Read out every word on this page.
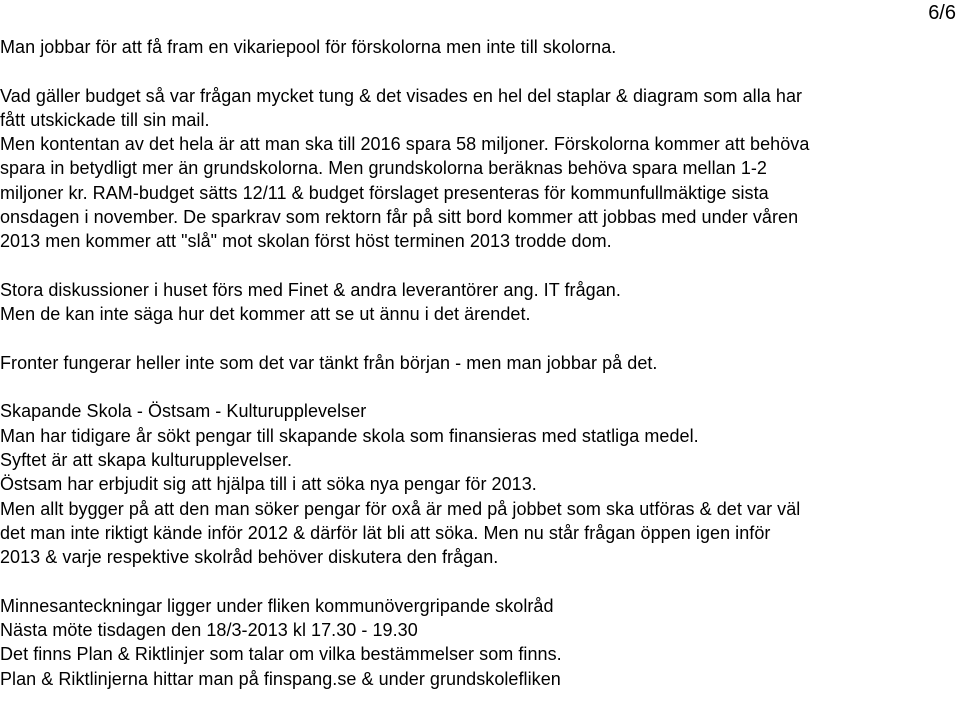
6/6
Man jobbar för att få fram en vikariepool för förskolorna men inte till skolorna.
Vad gäller budget så var frågan mycket tung & det visades en hel del staplar & diagram som alla har
fått utskickade till sin mail.
Men kontentan av det hela är att man ska till 2016 spara 58 miljoner. Förskolorna kommer att behöva
spara in betydligt mer än grundskolorna. Men grundskolorna beräknas behöva spara mellan 1-2
miljoner kr. RAM-budget sätts 12/11 & budget förslaget presenteras för kommunfullmäktige sista
onsdagen i november. De sparkrav som rektorn får på sitt bord kommer att jobbas med under våren
2013 men kommer att "slå" mot skolan först höst terminen 2013 trodde dom.
Stora diskussioner i huset förs med Finet & andra leverantörer ang. IT frågan.
Men de kan inte säga hur det kommer att se ut ännu i det ärendet.
Fronter fungerar heller inte som det var tänkt från början - men man jobbar på det.
Skapande Skola - Östsam - Kulturupplevelser
Man har tidigare år sökt pengar till skapande skola som finansieras med statliga medel.
Syftet är att skapa kulturupplevelser.
Östsam har erbjudit sig att hjälpa till i att söka nya pengar för 2013.
Men allt bygger på att den man söker pengar för oxå är med på jobbet som ska utföras & det var väl
det man inte riktigt kände inför 2012 & därför lät bli att söka. Men nu står frågan öppen igen inför
2013 & varje respektive skolråd behöver diskutera den frågan.
Minnesanteckningar ligger under fliken kommunövergripande skolråd
Nästa möte tisdagen den 18/3-2013 kl 17.30 - 19.30
Det finns Plan & Riktlinjer som talar om vilka bestämmelser som finns.
Plan & Riktlinjerna hittar man på finspang.se & under grundskolefliken
